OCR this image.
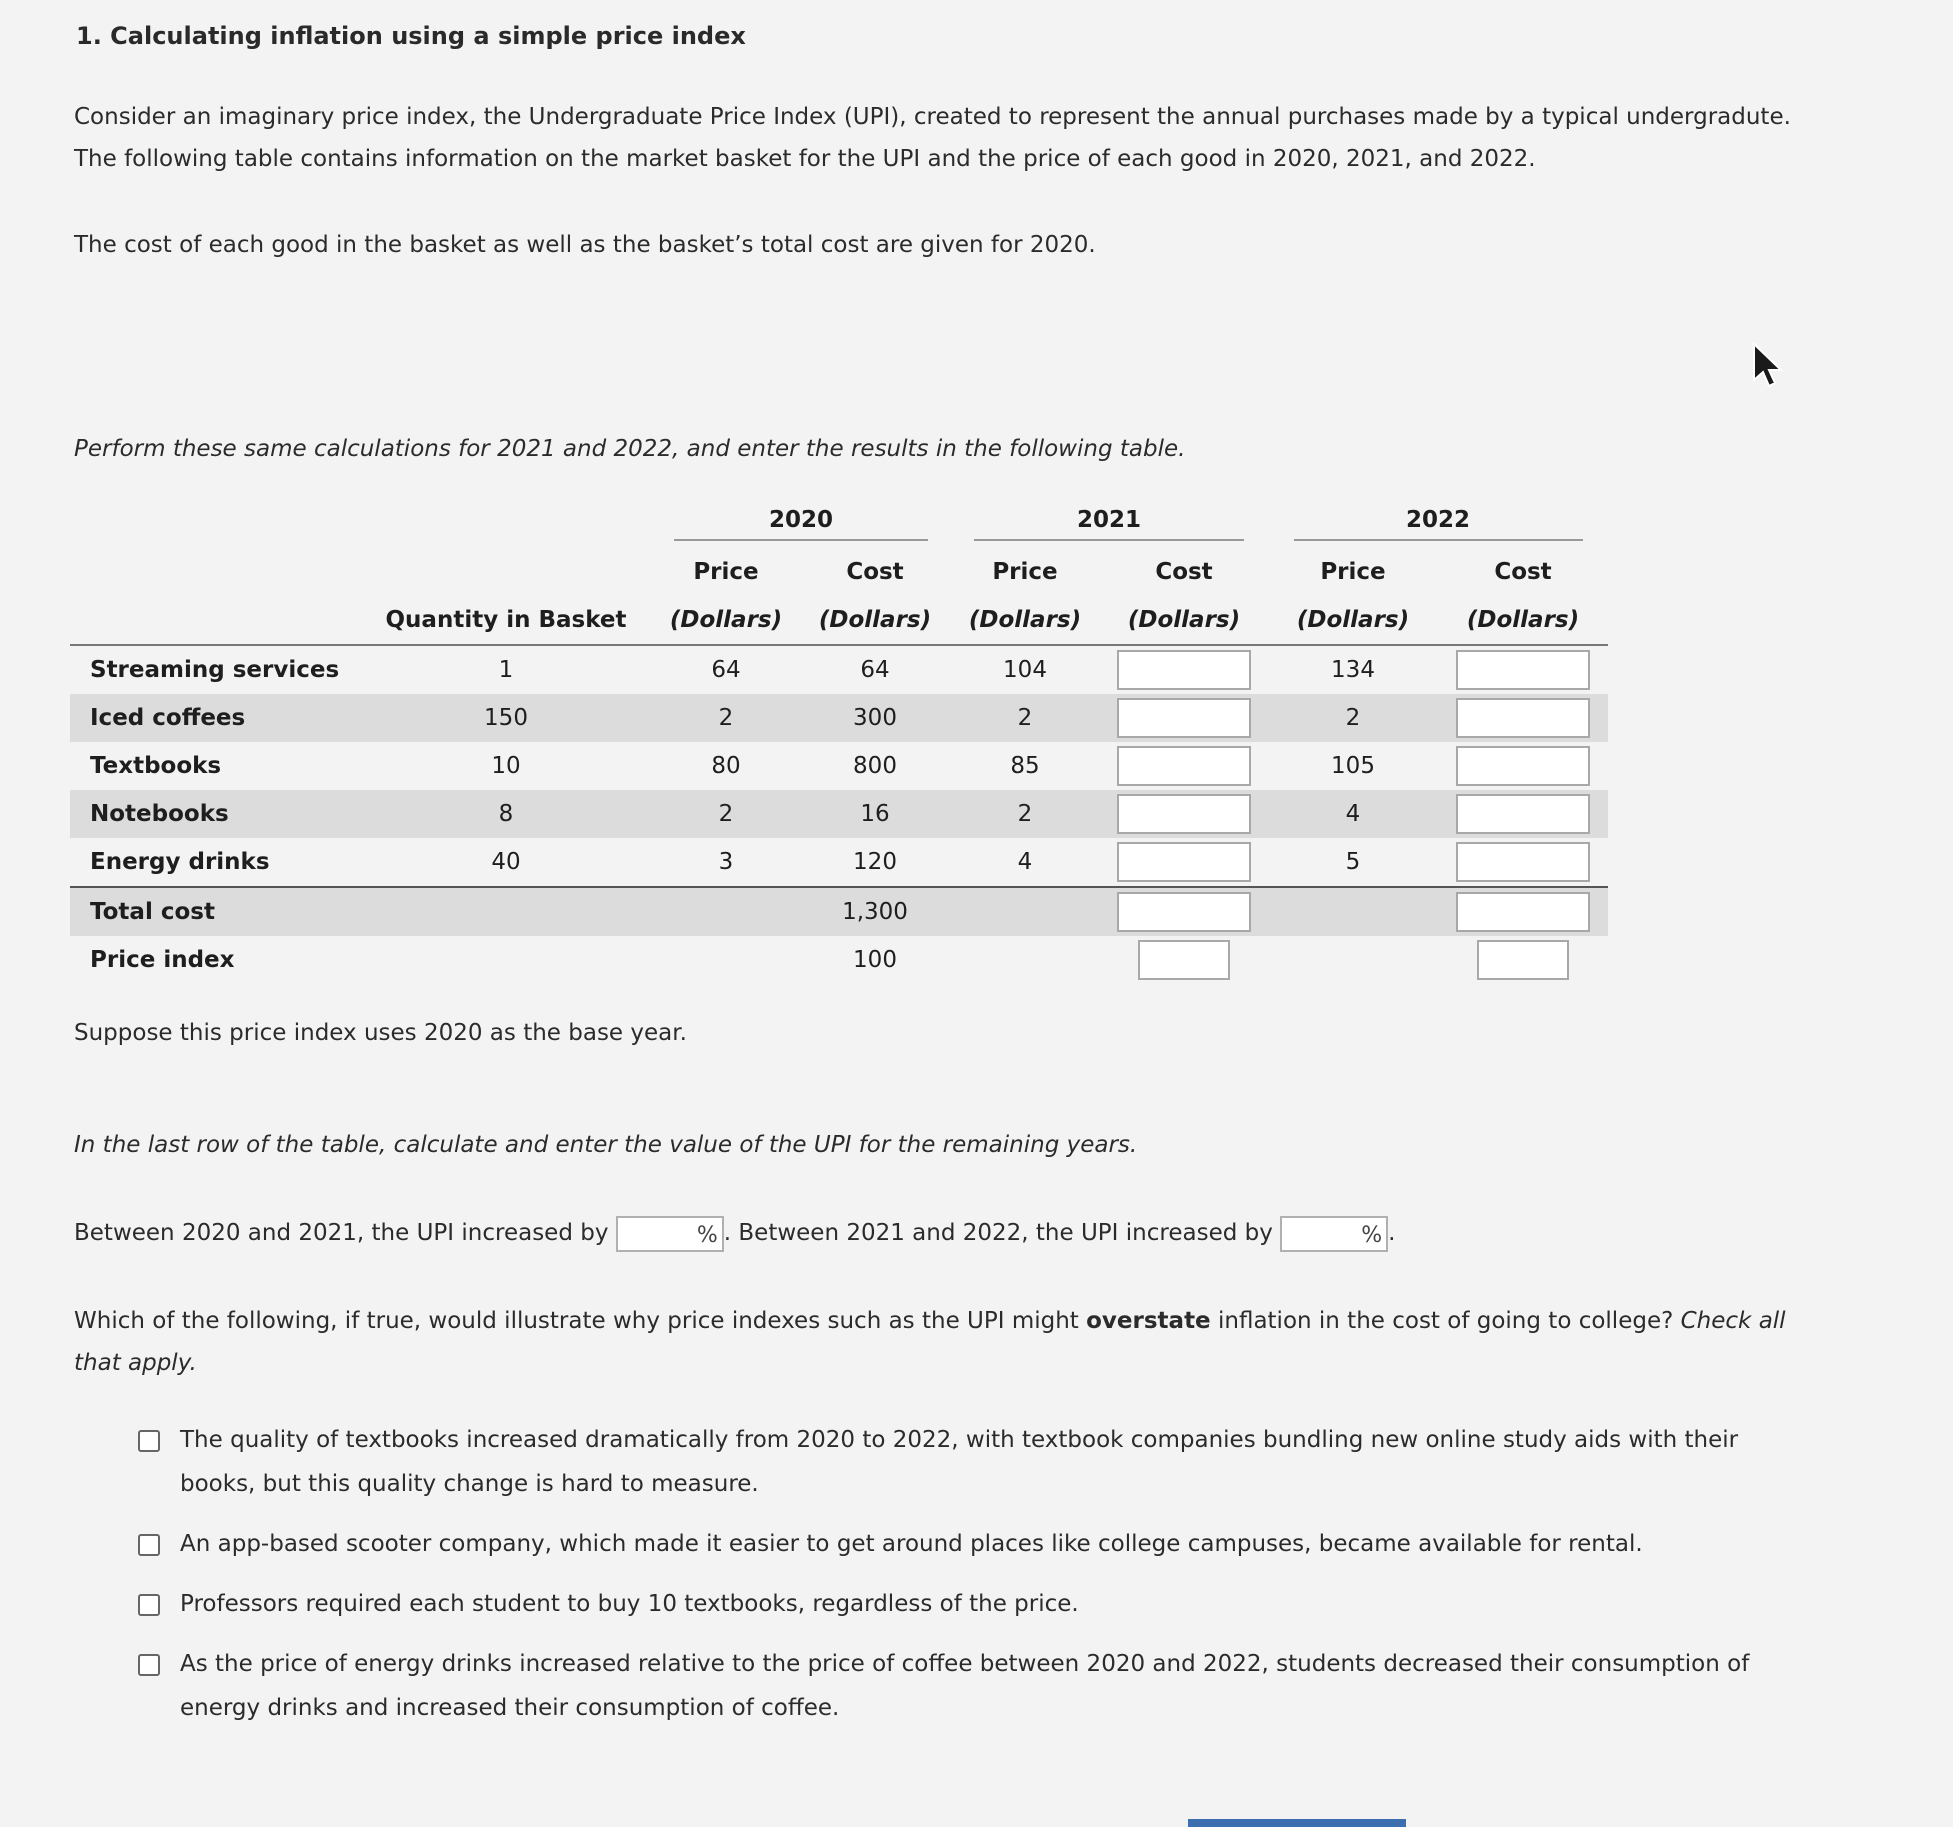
1. Calculating inflation using a simple price index
Consider an imaginary price index, the Undergraduate Price Index (UPI), created to represent the annual purchases made by a typical undergradute.
The following table contains information on the market basket for the UPI and the price of each good in 2020, 2021, and 2022.
The cost of each good in the basket as well as the basket’s total cost are given for 2020.
Perform these same calculations for 2021 and 2022, and enter the results in the following table.
		2020		2021		2022	
		Price	Cost	Price	Cost	Price	Cost
	Quantity in Basket	(Dollars)	(Dollars)	(Dollars)	(Dollars)	(Dollars)	(Dollars)
Streaming services	1	64	64	104		134	
Iced coffees	150	2	300	2		2	
Textbooks	10	80	800	85		105	
Notebooks	8	2	16	2		4	
Energy drinks	40	3	120	4		5	
Total cost			1,300				
Price index			100				
Suppose this price index uses 2020 as the base year.
In the last row of the table, calculate and enter the value of the UPI for the remaining years.
Between 2020 and 2021, the UPI increased by	% . Between 2021 and 2022, the UPI increased by	% .
Which of the following, if true, would illustrate why price indexes such as the UPI might overstate inflation in the cost of going to college? Check all that apply.
The quality of textbooks increased dramatically from 2020 to 2022, with textbook companies bundling new online study aids with their books, but this quality change is hard to measure.
An app-based scooter company, which made it easier to get around places like college campuses, became available for rental.
Professors required each student to buy 10 textbooks, regardless of the price.
As the price of energy drinks increased relative to the price of coffee between 2020 and 2022, students decreased their consumption of energy drinks and increased their consumption of coffee.
